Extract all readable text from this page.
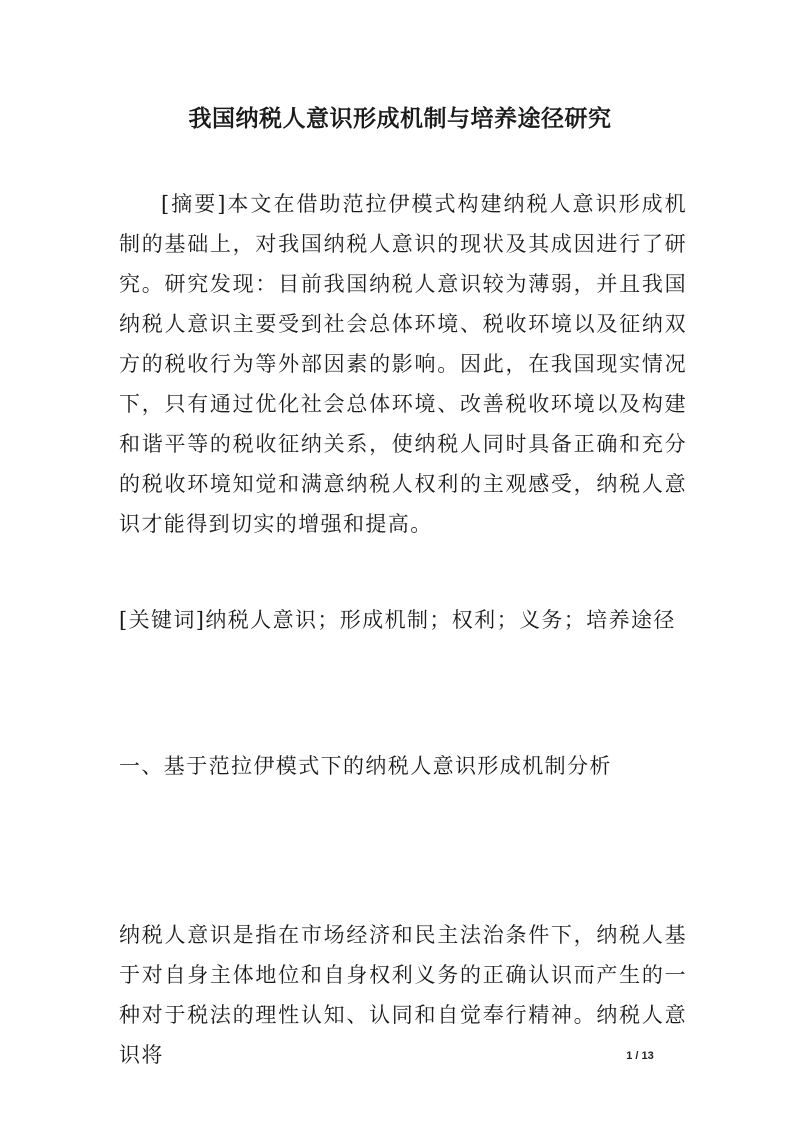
我国纳税人意识形成机制与培养途径研究

[摘要]本文在借助范拉伊模式构建纳税人意识形成机制的基础上，对我国纳税人意识的现状及其成因进行了研究。研究发现：目前我国纳税人意识较为薄弱，并且我国纳税人意识主要受到社会总体环境、税收环境以及征纳双方的税收行为等外部因素的影响。因此，在我国现实情况下，只有通过优化社会总体环境、改善税收环境以及构建和谐平等的税收征纳关系，使纳税人同时具备正确和充分的税收环境知觉和满意纳税人权利的主观感受，纳税人意识才能得到切实的增强和提高。

[关键词]纳税人意识；形成机制；权利；义务；培养途径

一、基于范拉伊模式下的纳税人意识形成机制分析

纳税人意识是指在市场经济和民主法治条件下，纳税人基于对自身主体地位和自身权利义务的正确认识而产生的一种对于税法的理性认知、认同和自觉奉行精神。纳税人意识将	1 / 13
